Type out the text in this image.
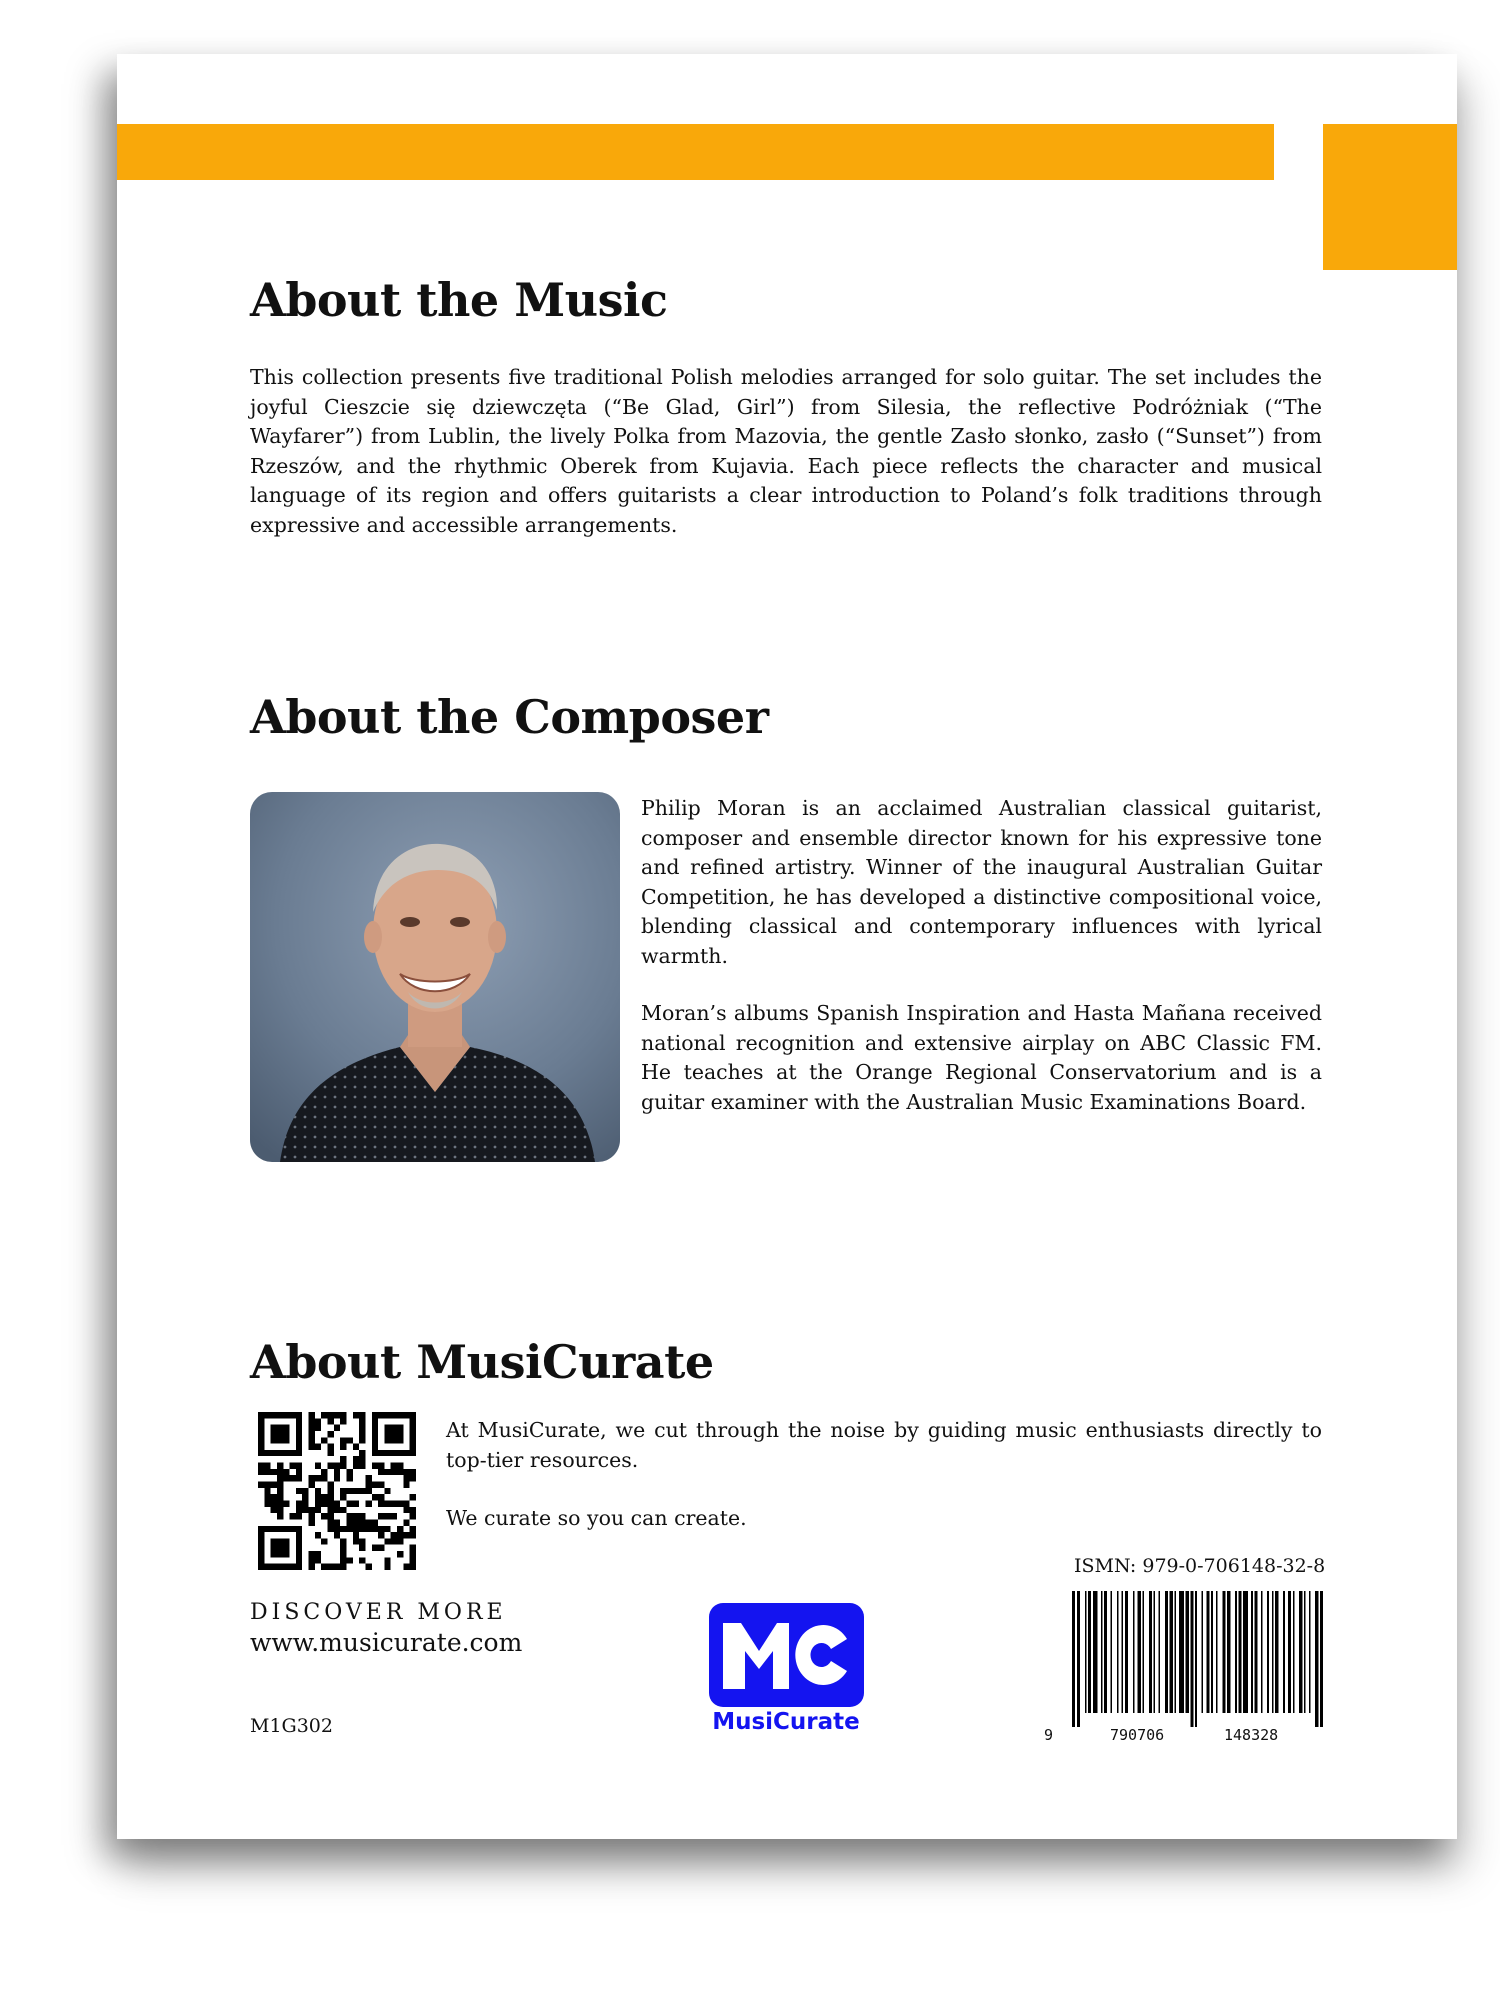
About the Music

This collection presents five traditional Polish melodies arranged for solo guitar. The set includes the joyful Cieszcie się dziewczęta (“Be Glad, Girl”) from Silesia, the reflective Podróżniak (“The Wayfarer”) from Lublin, the lively Polka from Mazovia, the gentle Zasło słonko, zasło (“Sunset”) from Rzeszów, and the rhythmic Oberek from Kujavia. Each piece reflects the character and musical language of its region and offers guitarists a clear introduction to Poland’s folk traditions through expressive and accessible arrangements.

About the Composer

Philip Moran is an acclaimed Australian classical guitarist, composer and ensemble director known for his expressive tone and refined artistry. Winner of the inaugural Australian Guitar Competition, he has developed a distinctive compositional voice, blending classical and contemporary influences with lyrical warmth.

Moran’s albums Spanish Inspiration and Hasta Mañana received national recognition and extensive airplay on ABC Classic FM. He teaches at the Orange Regional Conservatorium and is a guitar examiner with the Australian Music Examinations Board.

About MusiCurate

At MusiCurate, we cut through the noise by guiding music enthusiasts directly to top-tier resources.

We curate so you can create.

DISCOVER MORE

www.musicurate.com

M1G302	MusiCurate

ISMN: 979-0-706148-32-8

9	790706	148328
